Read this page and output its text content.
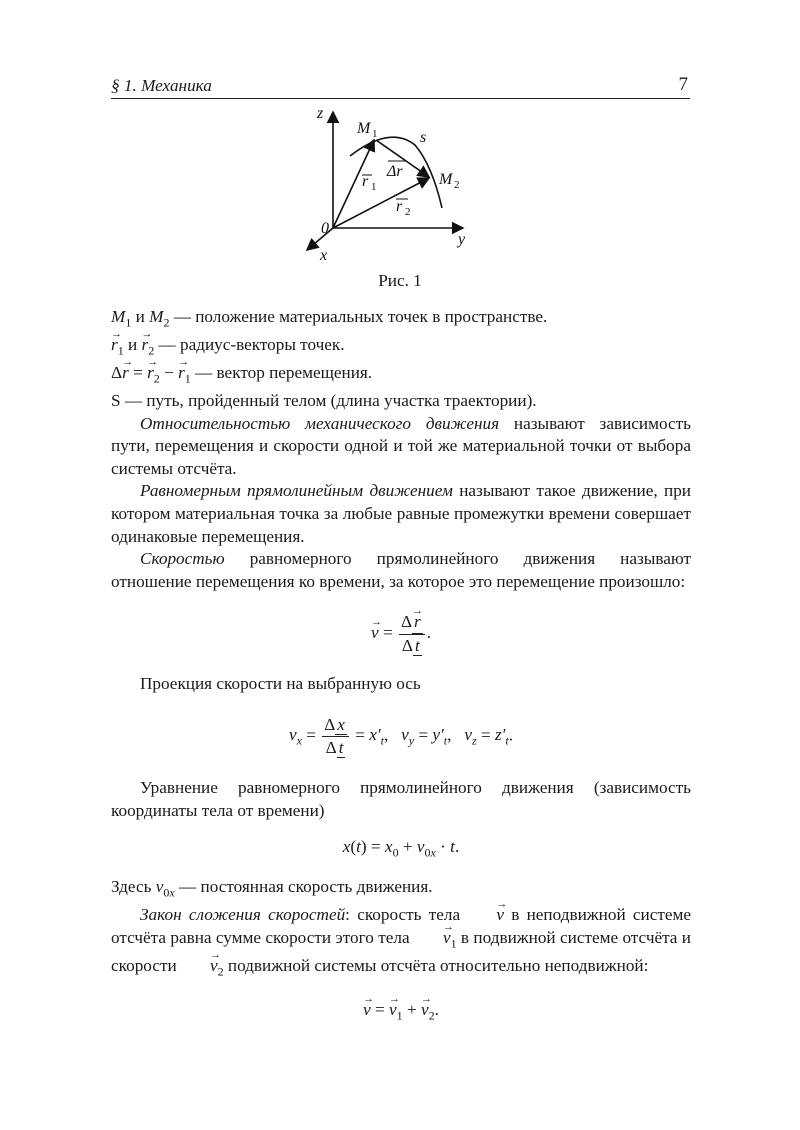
§ 1. Механика	7
z
y
x
0
M 1
M 2
s
r 1
r 2
Δr
Рис. 1

$M_1$ и $M_2$ — положение материальных точек в пространстве.

→ $r_1$ $и \to r_2$ — радиус-векторы точек.

Δ→ r = → $r_2$ − → $r_1$ — вектор перемещения.

S — путь, пройденный телом (длина участка траектории).

Относительностью механического движения называют зависимость пути, перемещения и скорости одной и той же материальной точки от выбора системы отсчёта.

Равномерным прямолинейным движением называют такое движение, при котором материальная точка за любые равные промежутки времени совершает одинаковые перемещения.

Скоростью равномерного прямолинейного движения называют отношение перемещения ко времени, за которое это перемещение произошло:

→ $v = \frac{\Delta \to r}{\text{Δ t}}$ .

Проекция скорости на выбранную ось

$v_x = \frac{\text{Δ x}}{\text{Δ t}} = x'_t$,   $v_y = y'_t$,   $v_z = z'_t$.

Уравнение равномерного прямолинейного движения (зависимость координаты тела от времени)

$x(t) = x_0 + v_{0x} \cdot t$.

Здесь $v_{0x}$ — постоянная скорость движения.

Закон сложения скоростей: скорость тела → v в неподвижной системе отсчёта равна сумме скорости этого тела → $v_1$ в подвижной системе отсчёта и скорости → $v_2$ подвижной системы отсчёта относительно неподвижной:

→ v = → $v_1$ + → $v_2$.
